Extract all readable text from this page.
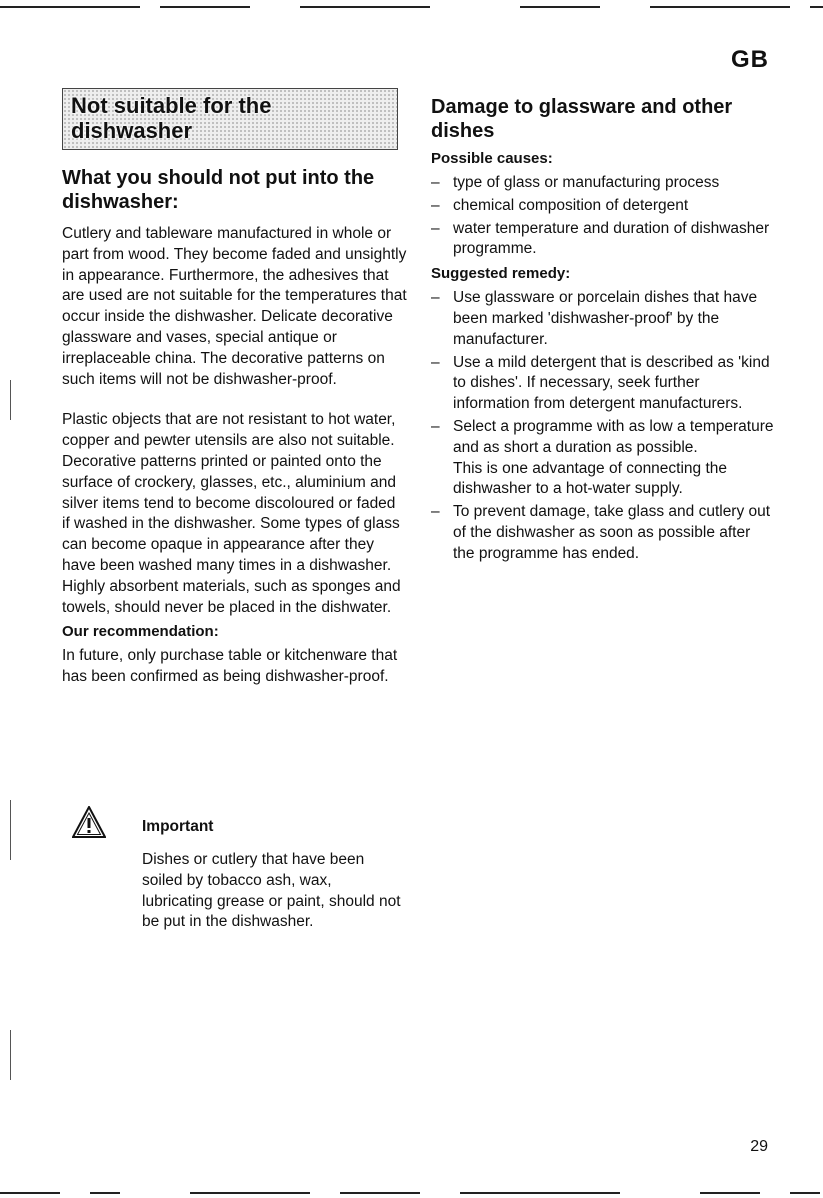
GB
Not suitable for the dishwasher
What you should not put into the dishwasher:

Cutlery and tableware manufactured in whole or part from wood. They become faded and unsightly in appearance. Furthermore, the adhesives that are used are not suitable for the temperatures that occur inside the dishwasher. Delicate decorative glassware and vases, special antique or irreplaceable china. The decorative patterns on such items will not be dishwasher-proof.

Plastic objects that are not resistant to hot water, copper and pewter utensils are also not suitable. Decorative patterns printed or painted onto the surface of crockery, glasses, etc., aluminium and silver items tend to become discoloured or faded if washed in the dishwasher. Some types of glass can become opaque in appearance after they have been washed many times in a dishwasher. Highly absorbent materials, such as sponges and towels, should never be placed in the dishwater.

Our recommendation:

In future, only purchase table or kitchenware that has been confirmed as being dishwasher-proof.

Important
Dishes or cutlery that have been soiled by tobacco ash, wax, lubricating grease or paint, should not be put in the dishwasher.
Damage to glassware and other dishes
Possible causes:
– type of glass or manufacturing process
– chemical composition of detergent
– water temperature and duration of dishwasher programme.
Suggested remedy:
– Use glassware or porcelain dishes that have been marked 'dishwasher-proof' by the manufacturer.
– Use a mild detergent that is described as 'kind to dishes'. If necessary, seek further information from detergent manufacturers.
– Select a programme with as low a temperature and as short a duration as possible.
This is one advantage of connecting the dishwasher to a hot-water supply.
– To prevent damage, take glass and cutlery out of the dishwasher as soon as possible after the programme has ended.
29
